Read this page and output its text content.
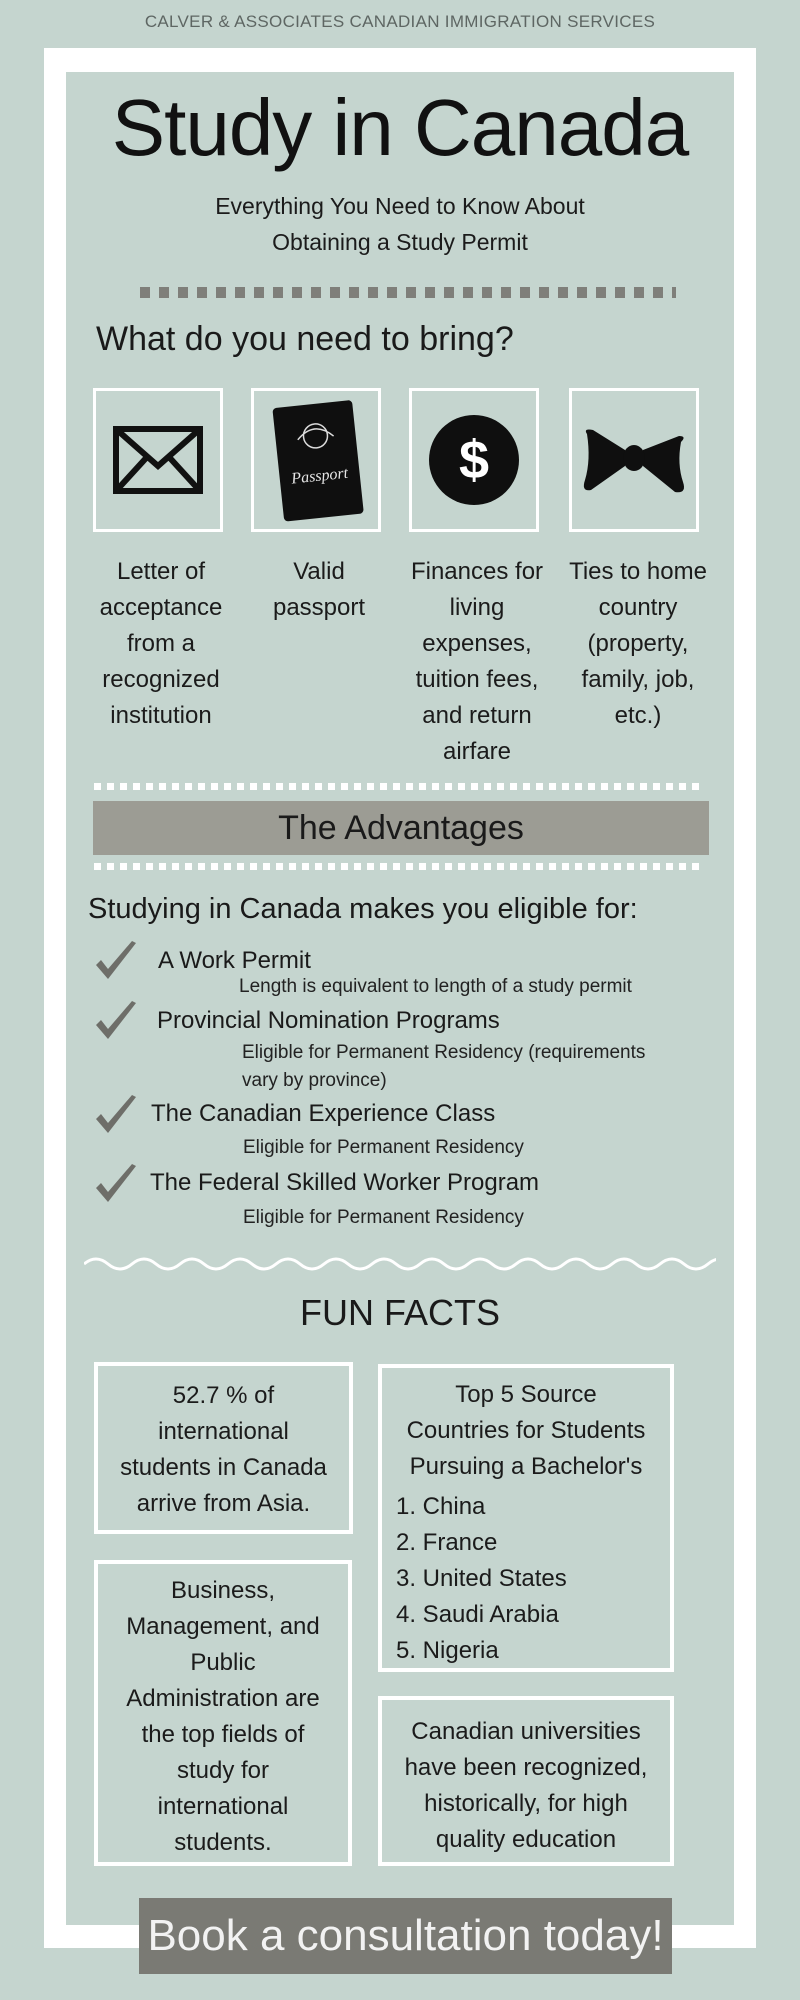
CALVER & ASSOCIATES CANADIAN IMMIGRATION SERVICES
Study in Canada
Everything You Need to Know About
Obtaining a Study Permit
What do you need to bring?
Passport $
Letter of
acceptance
from a
recognized
institution
Valid
passport
Finances for
living
expenses,
tuition fees,
and return
airfare
Ties to home
country
(property,
family, job,
etc.)
The Advantages
Studying in Canada makes you eligible for:
A Work Permit
Length is equivalent to length of a study permit
Provincial Nomination Programs
Eligible for Permanent Residency (requirements
vary by province)
The Canadian Experience Class
Eligible for Permanent Residency
The Federal Skilled Worker Program
Eligible for Permanent Residency
FUN FACTS
52.7 % of
international
students in Canada
arrive from Asia.
Top 5 Source
Countries for Students
Pursuing a Bachelor's
1. China
2. France
3. United States
4. Saudi Arabia
5. Nigeria
Business,
Management, and
Public
Administration are
the top fields of
study for
international
students.
Canadian universities
have been recognized,
historically, for high
quality education
Book a consultation today!
